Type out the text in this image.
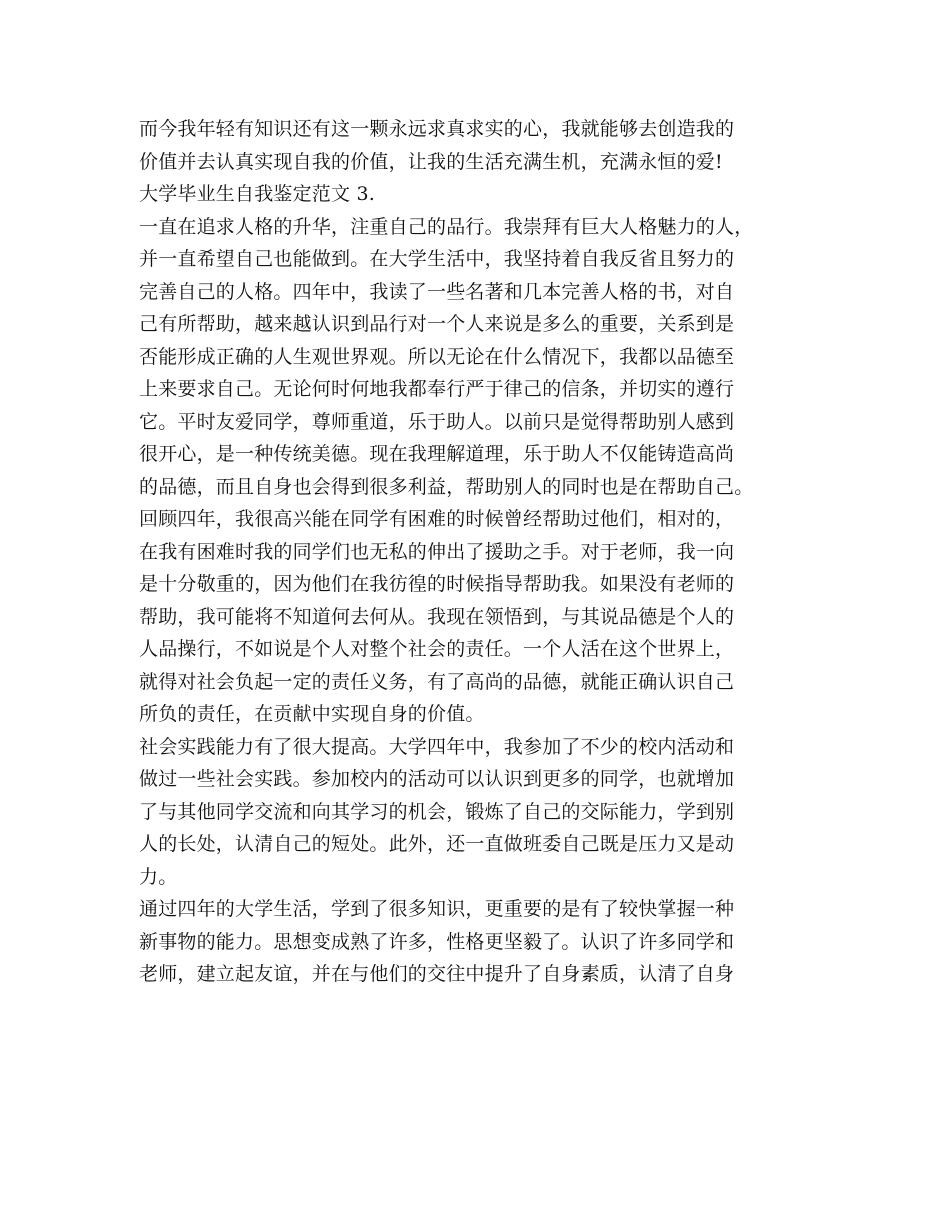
而今我年轻有知识还有这一颗永远求真求实的心，我就能够去创造我的
价值并去认真实现自我的价值，让我的生活充满生机，充满永恒的爱!
大学毕业生自我鉴定范文 3.
一直在追求人格的升华，注重自己的品行。我崇拜有巨大人格魅力的人，
并一直希望自己也能做到。在大学生活中，我坚持着自我反省且努力的
完善自己的人格。四年中，我读了一些名著和几本完善人格的书，对自
己有所帮助，越来越认识到品行对一个人来说是多么的重要，关系到是
否能形成正确的人生观世界观。所以无论在什么情况下，我都以品德至
上来要求自己。无论何时何地我都奉行严于律己的信条，并切实的遵行
它。平时友爱同学，尊师重道，乐于助人。以前只是觉得帮助别人感到
很开心，是一种传统美德。现在我理解道理，乐于助人不仅能铸造高尚
的品德，而且自身也会得到很多利益，帮助别人的同时也是在帮助自己。
回顾四年，我很高兴能在同学有困难的时候曾经帮助过他们，相对的，
在我有困难时我的同学们也无私的伸出了援助之手。对于老师，我一向
是十分敬重的，因为他们在我彷徨的时候指导帮助我。如果没有老师的
帮助，我可能将不知道何去何从。我现在领悟到，与其说品德是个人的
人品操行，不如说是个人对整个社会的责任。一个人活在这个世界上，
就得对社会负起一定的责任义务，有了高尚的品德，就能正确认识自己
所负的责任，在贡献中实现自身的价值。
社会实践能力有了很大提高。大学四年中，我参加了不少的校内活动和
做过一些社会实践。参加校内的活动可以认识到更多的同学，也就增加
了与其他同学交流和向其学习的机会，锻炼了自己的交际能力，学到别
人的长处，认清自己的短处。此外，还一直做班委自己既是压力又是动
力。
通过四年的大学生活，学到了很多知识，更重要的是有了较快掌握一种
新事物的能力。思想变成熟了许多，性格更坚毅了。认识了许多同学和
老师，建立起友谊，并在与他们的交往中提升了自身素质，认清了自身
